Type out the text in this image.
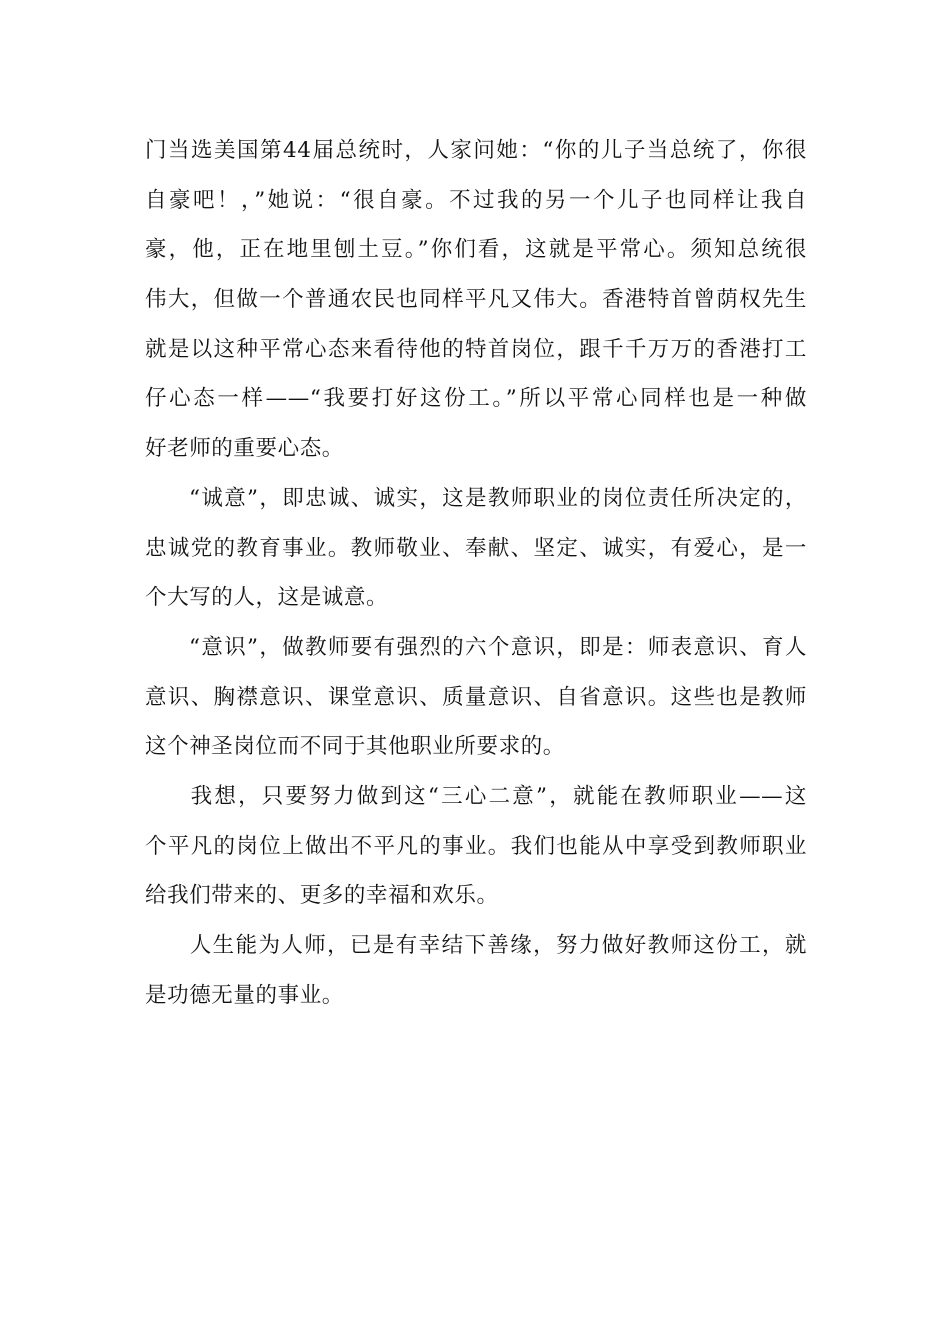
门当选美国第44届总统时，人家问她：“你的儿子当总统了，你很
自豪吧！，”她说：“很自豪。不过我的另一个儿子也同样让我自
豪，他，正在地里刨土豆。”你们看，这就是平常心。须知总统很
伟大，但做一个普通农民也同样平凡又伟大。香港特首曾荫权先生
就是以这种平常心态来看待他的特首岗位，跟千千万万的香港打工
仔心态一样——“我要打好这份工。”所以平常心同样也是一种做
好老师的重要心态。
“诚意”，即忠诚、诚实，这是教师职业的岗位责任所决定的，
忠诚党的教育事业。教师敬业、奉献、坚定、诚实，有爱心，是一
个大写的人，这是诚意。
“意识”，做教师要有强烈的六个意识，即是：师表意识、育人
意识、胸襟意识、课堂意识、质量意识、自省意识。这些也是教师
这个神圣岗位而不同于其他职业所要求的。
我想，只要努力做到这“三心二意”，就能在教师职业——这
个平凡的岗位上做出不平凡的事业。我们也能从中享受到教师职业
给我们带来的、更多的幸福和欢乐。
人生能为人师，已是有幸结下善缘，努力做好教师这份工，就
是功德无量的事业。
